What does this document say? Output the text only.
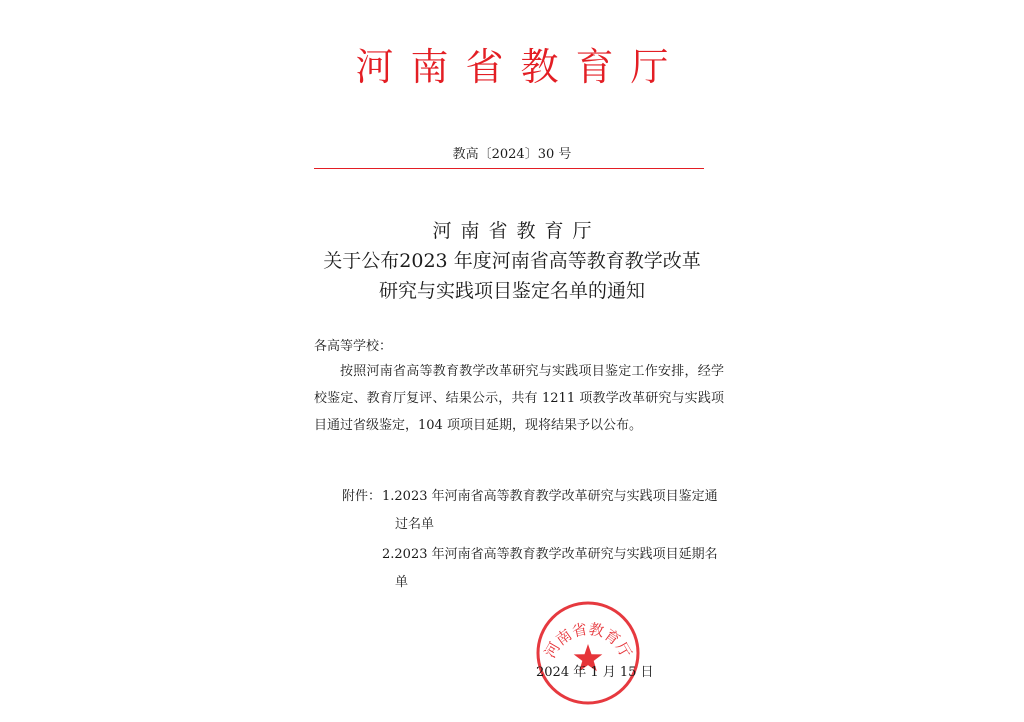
河南省教育厅
教高〔2024〕30 号
河南省教育厅
关于公布2023 年度河南省高等教育教学改革
研究与实践项目鉴定名单的通知
各高等学校：
按照河南省高等教育教学改革研究与实践项目鉴定工作安排，经学校鉴定、教育厅复评、结果公示，共有 1211 项教学改革研究与实践项目通过省级鉴定，104 项项目延期，现将结果予以公布。
附件： 1.2023 年河南省高等教育教学改革研究与实践项目鉴定通过名单
2.2023 年河南省高等教育教学改革研究与实践项目延期名单
河南省教育厅
2024 年 1 月 15 日
